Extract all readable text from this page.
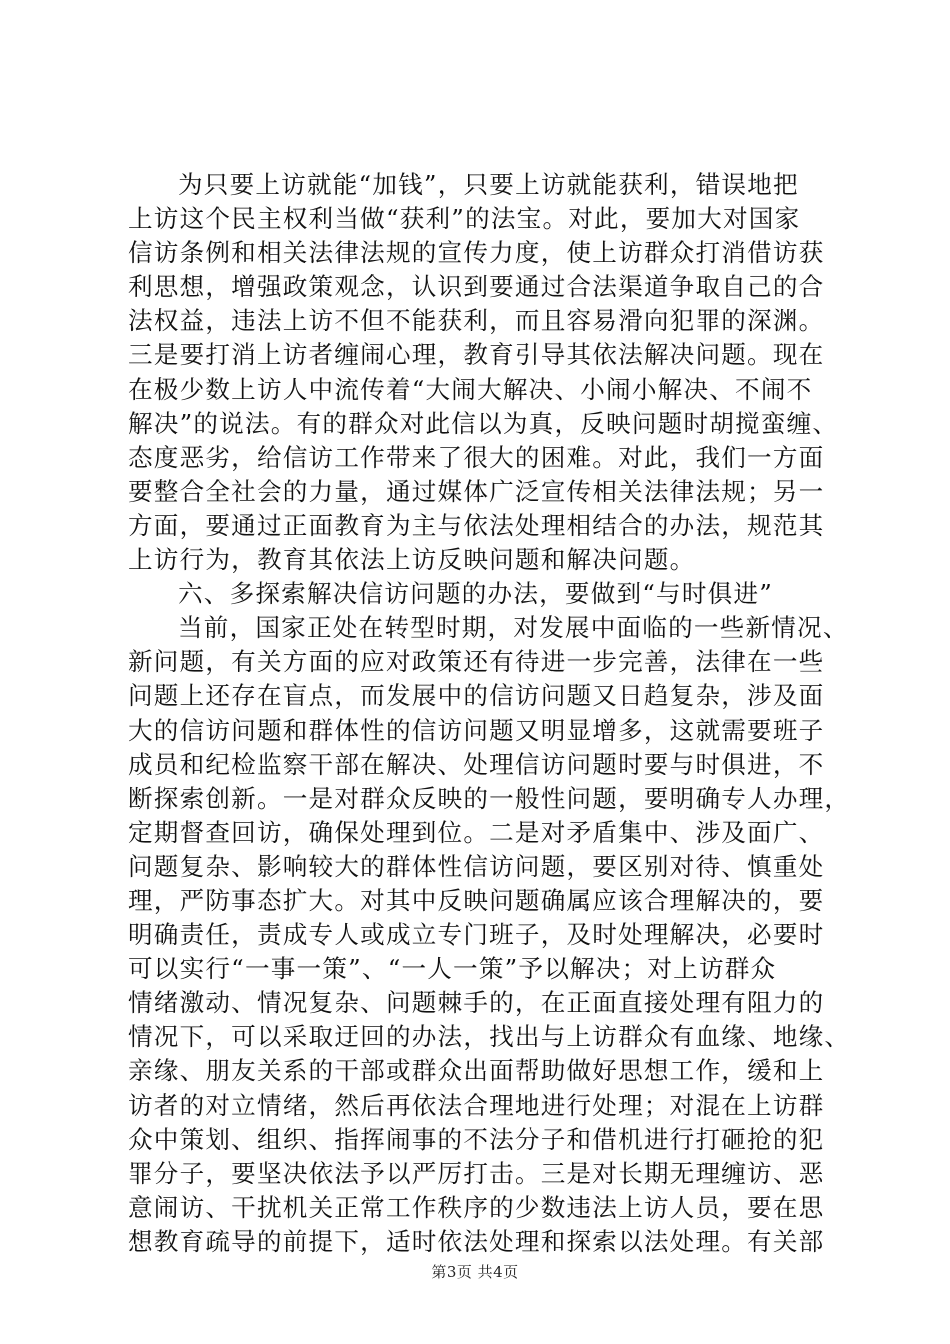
为只要上访就能“加钱”，只要上访就能获利，错误地把
上访这个民主权利当做“获利”的法宝。对此，要加大对国家
信访条例和相关法律法规的宣传力度，使上访群众打消借访获
利思想，增强政策观念，认识到要通过合法渠道争取自己的合
法权益，违法上访不但不能获利，而且容易滑向犯罪的深渊。
三是要打消上访者缠闹心理，教育引导其依法解决问题。现在
在极少数上访人中流传着“大闹大解决、小闹小解决、不闹不
解决”的说法。有的群众对此信以为真，反映问题时胡搅蛮缠、
态度恶劣，给信访工作带来了很大的困难。对此，我们一方面
要整合全社会的力量，通过媒体广泛宣传相关法律法规；另一
方面，要通过正面教育为主与依法处理相结合的办法，规范其
上访行为，教育其依法上访反映问题和解决问题。
六、多探索解决信访问题的办法，要做到“与时俱进”
当前，国家正处在转型时期，对发展中面临的一些新情况、
新问题，有关方面的应对政策还有待进一步完善，法律在一些
问题上还存在盲点，而发展中的信访问题又日趋复杂，涉及面
大的信访问题和群体性的信访问题又明显增多，这就需要班子
成员和纪检监察干部在解决、处理信访问题时要与时俱进，不
断探索创新。一是对群众反映的一般性问题，要明确专人办理，
定期督查回访，确保处理到位。二是对矛盾集中、涉及面广、
问题复杂、影响较大的群体性信访问题，要区别对待、慎重处
理，严防事态扩大。对其中反映问题确属应该合理解决的，要
明确责任，责成专人或成立专门班子，及时处理解决，必要时
可以实行“一事一策”、“一人一策”予以解决；对上访群众
情绪激动、情况复杂、问题棘手的，在正面直接处理有阻力的
情况下，可以采取迂回的办法，找出与上访群众有血缘、地缘、
亲缘、朋友关系的干部或群众出面帮助做好思想工作，缓和上
访者的对立情绪，然后再依法合理地进行处理；对混在上访群
众中策划、组织、指挥闹事的不法分子和借机进行打砸抢的犯
罪分子，要坚决依法予以严厉打击。三是对长期无理缠访、恶
意闹访、干扰机关正常工作秩序的少数违法上访人员，要在思
想教育疏导的前提下，适时依法处理和探索以法处理。有关部
第3页 共4页
